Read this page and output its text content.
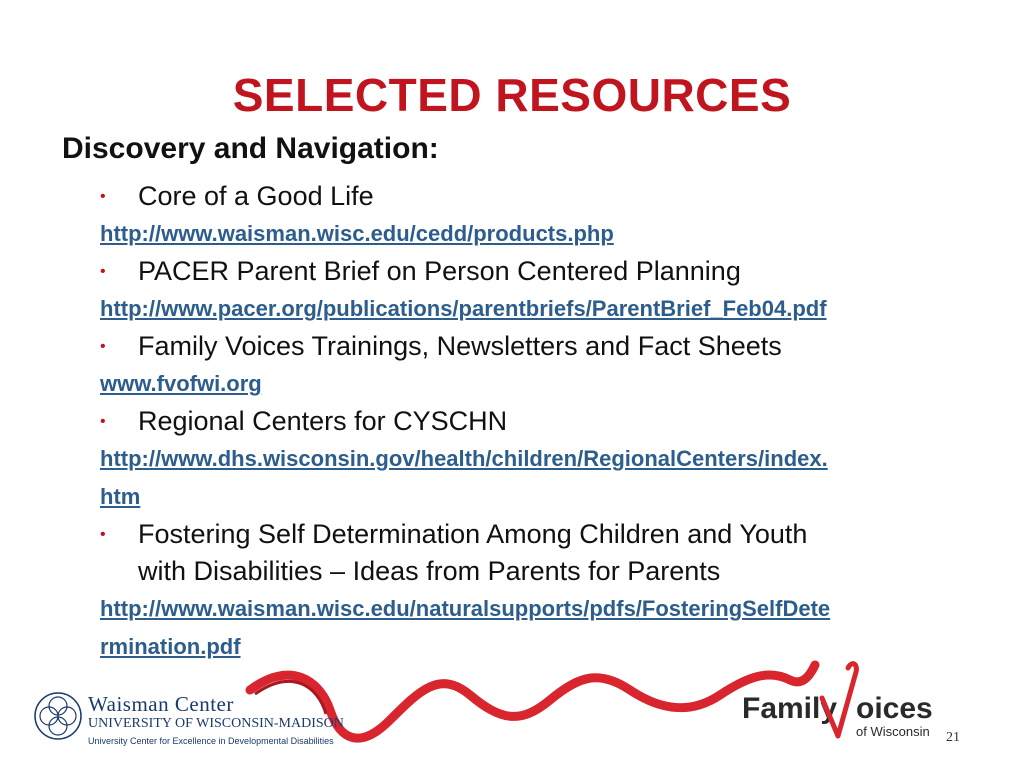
SELECTED RESOURCES
Discovery and Navigation:
• Core of a Good Life
http://www.waisman.wisc.edu/cedd/products.php
• PACER Parent Brief on Person Centered Planning
http://www.pacer.org/publications/parentbriefs/ParentBrief_Feb04.pdf
• Family Voices Trainings, Newsletters and Fact Sheets
www.fvofwi.org
• Regional Centers for CYSCHN
http://www.dhs.wisconsin.gov/health/children/RegionalCenters/index.
htm
• Fostering Self Determination Among Children and Youth
with Disabilities – Ideas from Parents for Parents
http://www.waisman.wisc.edu/naturalsupports/pdfs/FosteringSelfDete
rmination.pdf
Waisman Center
UNIVERSITY OF WISCONSIN-MADISON
University Center for Excellence in Developmental Disabilities
Family oices
of Wisconsin 21
